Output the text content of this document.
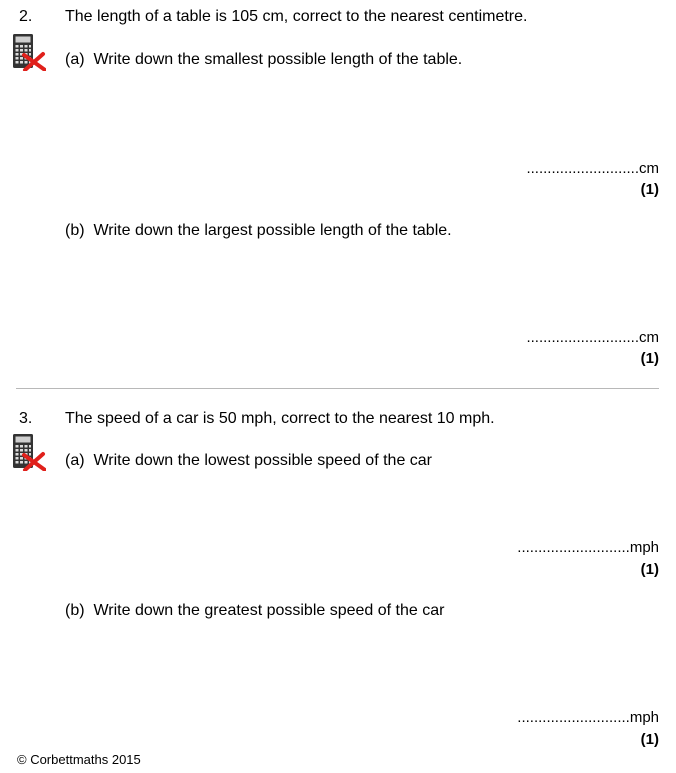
2. The length of a table is 105 cm, correct to the nearest centimetre.
(a) Write down the smallest possible length of the table.
...........................cm
(1)
(b) Write down the largest possible length of the table.
...........................cm
(1)
3. The speed of a car is 50 mph, correct to the nearest 10 mph.
(a) Write down the lowest possible speed of the car
...........................mph
(1)
(b) Write down the greatest possible speed of the car
...........................mph
(1)
© Corbettmaths 2015
